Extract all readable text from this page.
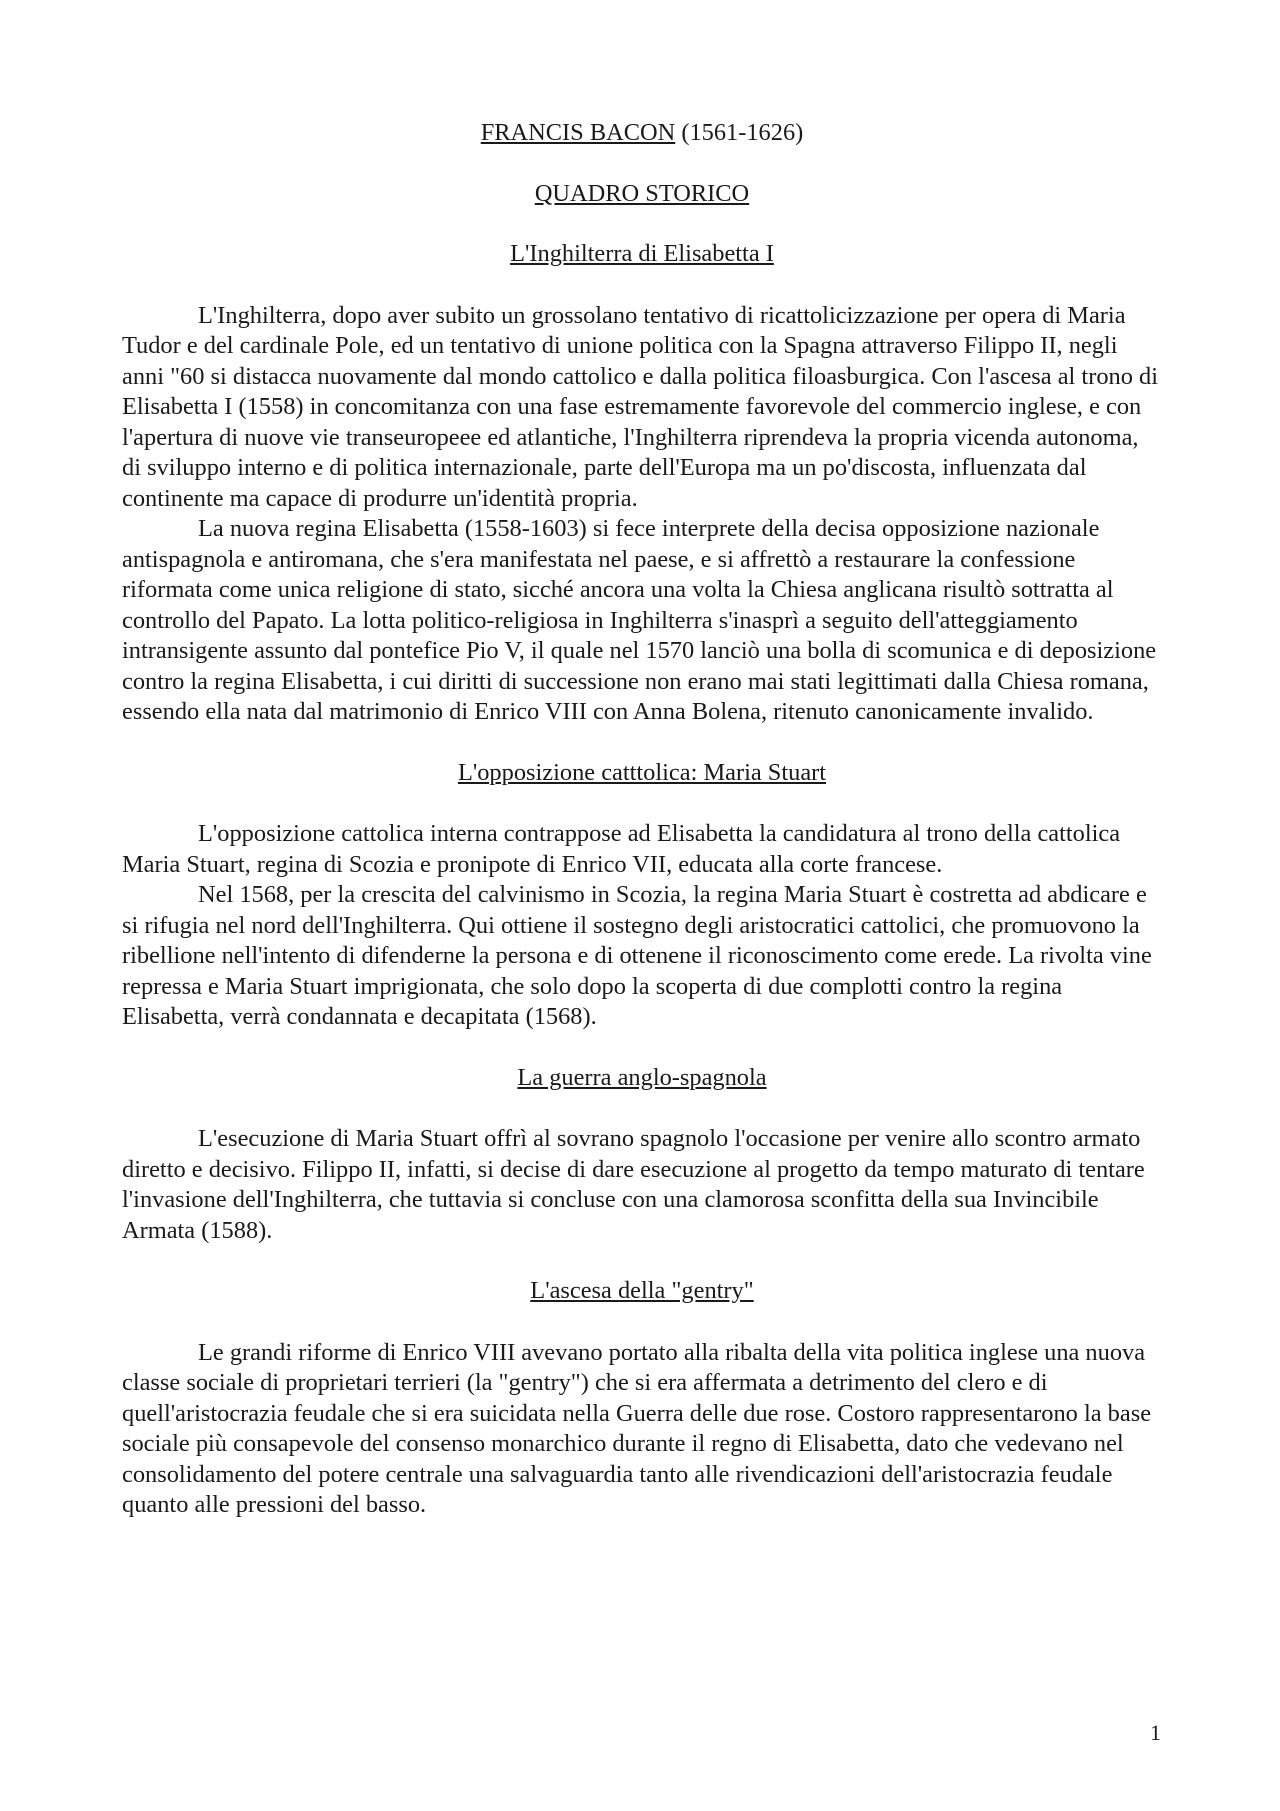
FRANCIS BACON (1561-1626)

QUADRO STORICO

L'Inghilterra di Elisabetta I

L'Inghilterra, dopo aver subito un grossolano tentativo di ricattolicizzazione per opera di Maria Tudor e del cardinale Pole, ed un tentativo di unione politica con la Spagna attraverso Filippo II, negli anni "60 si distacca nuovamente dal mondo cattolico e dalla politica filoasburgica. Con l'ascesa al trono di Elisabetta I (1558) in concomitanza con una fase estremamente favorevole del commercio inglese, e con l'apertura di nuove vie transeuropeee ed atlantiche, l'Inghilterra riprendeva la propria vicenda autonoma, di sviluppo interno e di politica internazionale, parte dell'Europa ma un po'discosta, influenzata dal continente ma capace di produrre un'identità propria.

La nuova regina Elisabetta (1558-1603) si fece interprete della decisa opposizione nazionale antispagnola e antiromana, che s'era manifestata nel paese, e si affrettò a restaurare la confessione riformata come unica religione di stato, sicché ancora una volta la Chiesa anglicana risultò sottratta al controllo del Papato. La lotta politico-religiosa in Inghilterra s'inasprì a seguito dell'atteggiamento intransigente assunto dal pontefice Pio V, il quale nel 1570 lanciò una bolla di scomunica e di deposizione contro la regina Elisabetta, i cui diritti di successione non erano mai stati legittimati dalla Chiesa romana, essendo ella nata dal matrimonio di Enrico VIII con Anna Bolena, ritenuto canonicamente invalido.

L'opposizione catttolica: Maria Stuart

L'opposizione cattolica interna contrappose ad Elisabetta la candidatura al trono della cattolica Maria Stuart, regina di Scozia e pronipote di Enrico VII, educata alla corte francese.

Nel 1568, per la crescita del calvinismo in Scozia, la regina Maria Stuart è costretta ad abdicare e si rifugia nel nord dell'Inghilterra. Qui ottiene il sostegno degli aristocratici cattolici, che promuovono la ribellione nell'intento di difenderne la persona e di ottenene il riconoscimento come erede. La rivolta vine repressa e Maria Stuart imprigionata, che solo dopo la scoperta di due complotti contro la regina Elisabetta, verrà condannata e decapitata (1568).

La guerra anglo-spagnola

L'esecuzione di Maria Stuart offrì al sovrano spagnolo l'occasione per venire allo scontro armato diretto e decisivo. Filippo II, infatti, si decise di dare esecuzione al progetto da tempo maturato di tentare l'invasione dell'Inghilterra, che tuttavia si concluse con una clamorosa sconfitta della sua Invincibile Armata (1588).

L'ascesa della "gentry"

Le grandi riforme di Enrico VIII avevano portato alla ribalta della vita politica inglese una nuova classe sociale di proprietari terrieri (la "gentry") che si era affermata a detrimento del clero e di quell'aristocrazia feudale che si era suicidata nella Guerra delle due rose. Costoro rappresentarono la base sociale più consapevole del consenso monarchico durante il regno di Elisabetta, dato che vedevano nel consolidamento del potere centrale una salvaguardia tanto alle rivendicazioni dell'aristocrazia feudale quanto alle pressioni del basso.

1
